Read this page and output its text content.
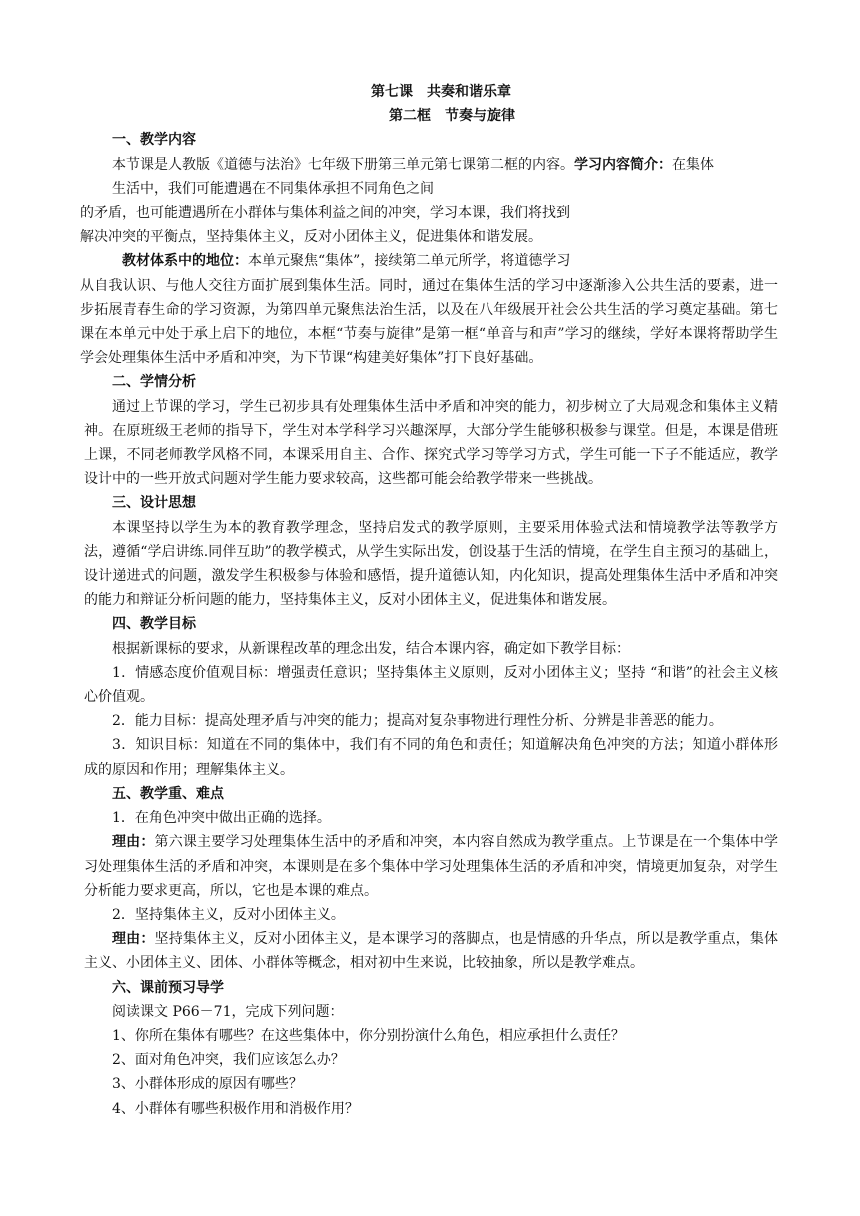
第七课　共奏和谐乐章
第二框　节奏与旋律
一、教学内容
本节课是人教版《道德与法治》七年级下册第三单元第七课第二框的内容。学习内容简介：在集体
生活中，我们可能遭遇在不同集体承担不同角色之间
的矛盾，也可能遭遇所在小群体与集体利益之间的冲突，学习本课，我们将找到
解决冲突的平衡点，坚持集体主义，反对小团体主义，促进集体和谐发展。
教材体系中的地位：本单元聚焦“集体”，接续第二单元所学，将道德学习
从自我认识、与他人交往方面扩展到集体生活。同时，通过在集体生活的学习中逐渐渗入公共生活的要素，进一步拓展青春生命的学习资源，为第四单元聚焦法治生活，以及在八年级展开社会公共生活的学习奠定基础。第七课在本单元中处于承上启下的地位，本框“节奏与旋律”是第一框“单音与和声”学习的继续，学好本课将帮助学生学会处理集体生活中矛盾和冲突，为下节课“构建美好集体”打下良好基础。
二、学情分析
通过上节课的学习，学生已初步具有处理集体生活中矛盾和冲突的能力，初步树立了大局观念和集体主义精神。在原班级王老师的指导下，学生对本学科学习兴趣深厚，大部分学生能够积极参与课堂。但是，本课是借班上课，不同老师教学风格不同，本课采用自主、合作、探究式学习等学习方式，学生可能一下子不能适应，教学设计中的一些开放式问题对学生能力要求较高，这些都可能会给教学带来一些挑战。
三、设计思想
本课坚持以学生为本的教育教学理念，坚持启发式的教学原则，主要采用体验式法和情境教学法等教学方法，遵循“学启讲练.同伴互助”的教学模式，从学生实际出发，创设基于生活的情境，在学生自主预习的基础上，设计递进式的问题，激发学生积极参与体验和感悟，提升道德认知，内化知识，提高处理集体生活中矛盾和冲突的能力和辩证分析问题的能力，坚持集体主义，反对小团体主义，促进集体和谐发展。
四、教学目标
根据新课标的要求，从新课程改革的理念出发，结合本课内容，确定如下教学目标：
1．情感态度价值观目标：增强责任意识；坚持集体主义原则，反对小团体主义；坚持 “和谐”的社会主义核心价值观。
2．能力目标：提高处理矛盾与冲突的能力；提高对复杂事物进行理性分析、分辨是非善恶的能力。
3．知识目标：知道在不同的集体中，我们有不同的角色和责任；知道解决角色冲突的方法；知道小群体形成的原因和作用；理解集体主义。
五、教学重、难点
1．在角色冲突中做出正确的选择。
理由：第六课主要学习处理集体生活中的矛盾和冲突，本内容自然成为教学重点。上节课是在一个集体中学习处理集体生活的矛盾和冲突，本课则是在多个集体中学习处理集体生活的矛盾和冲突，情境更加复杂，对学生分析能力要求更高，所以，它也是本课的难点。
2．坚持集体主义，反对小团体主义。
理由：坚持集体主义，反对小团体主义，是本课学习的落脚点，也是情感的升华点，所以是教学重点，集体主义、小团体主义、团体、小群体等概念，相对初中生来说，比较抽象，所以是教学难点。
六、课前预习导学
阅读课文 P66－71，完成下列问题：
1、你所在集体有哪些？在这些集体中，你分别扮演什么角色，相应承担什么责任？
2、面对角色冲突，我们应该怎么办？
3、小群体形成的原因有哪些？
4、小群体有哪些积极作用和消极作用？
